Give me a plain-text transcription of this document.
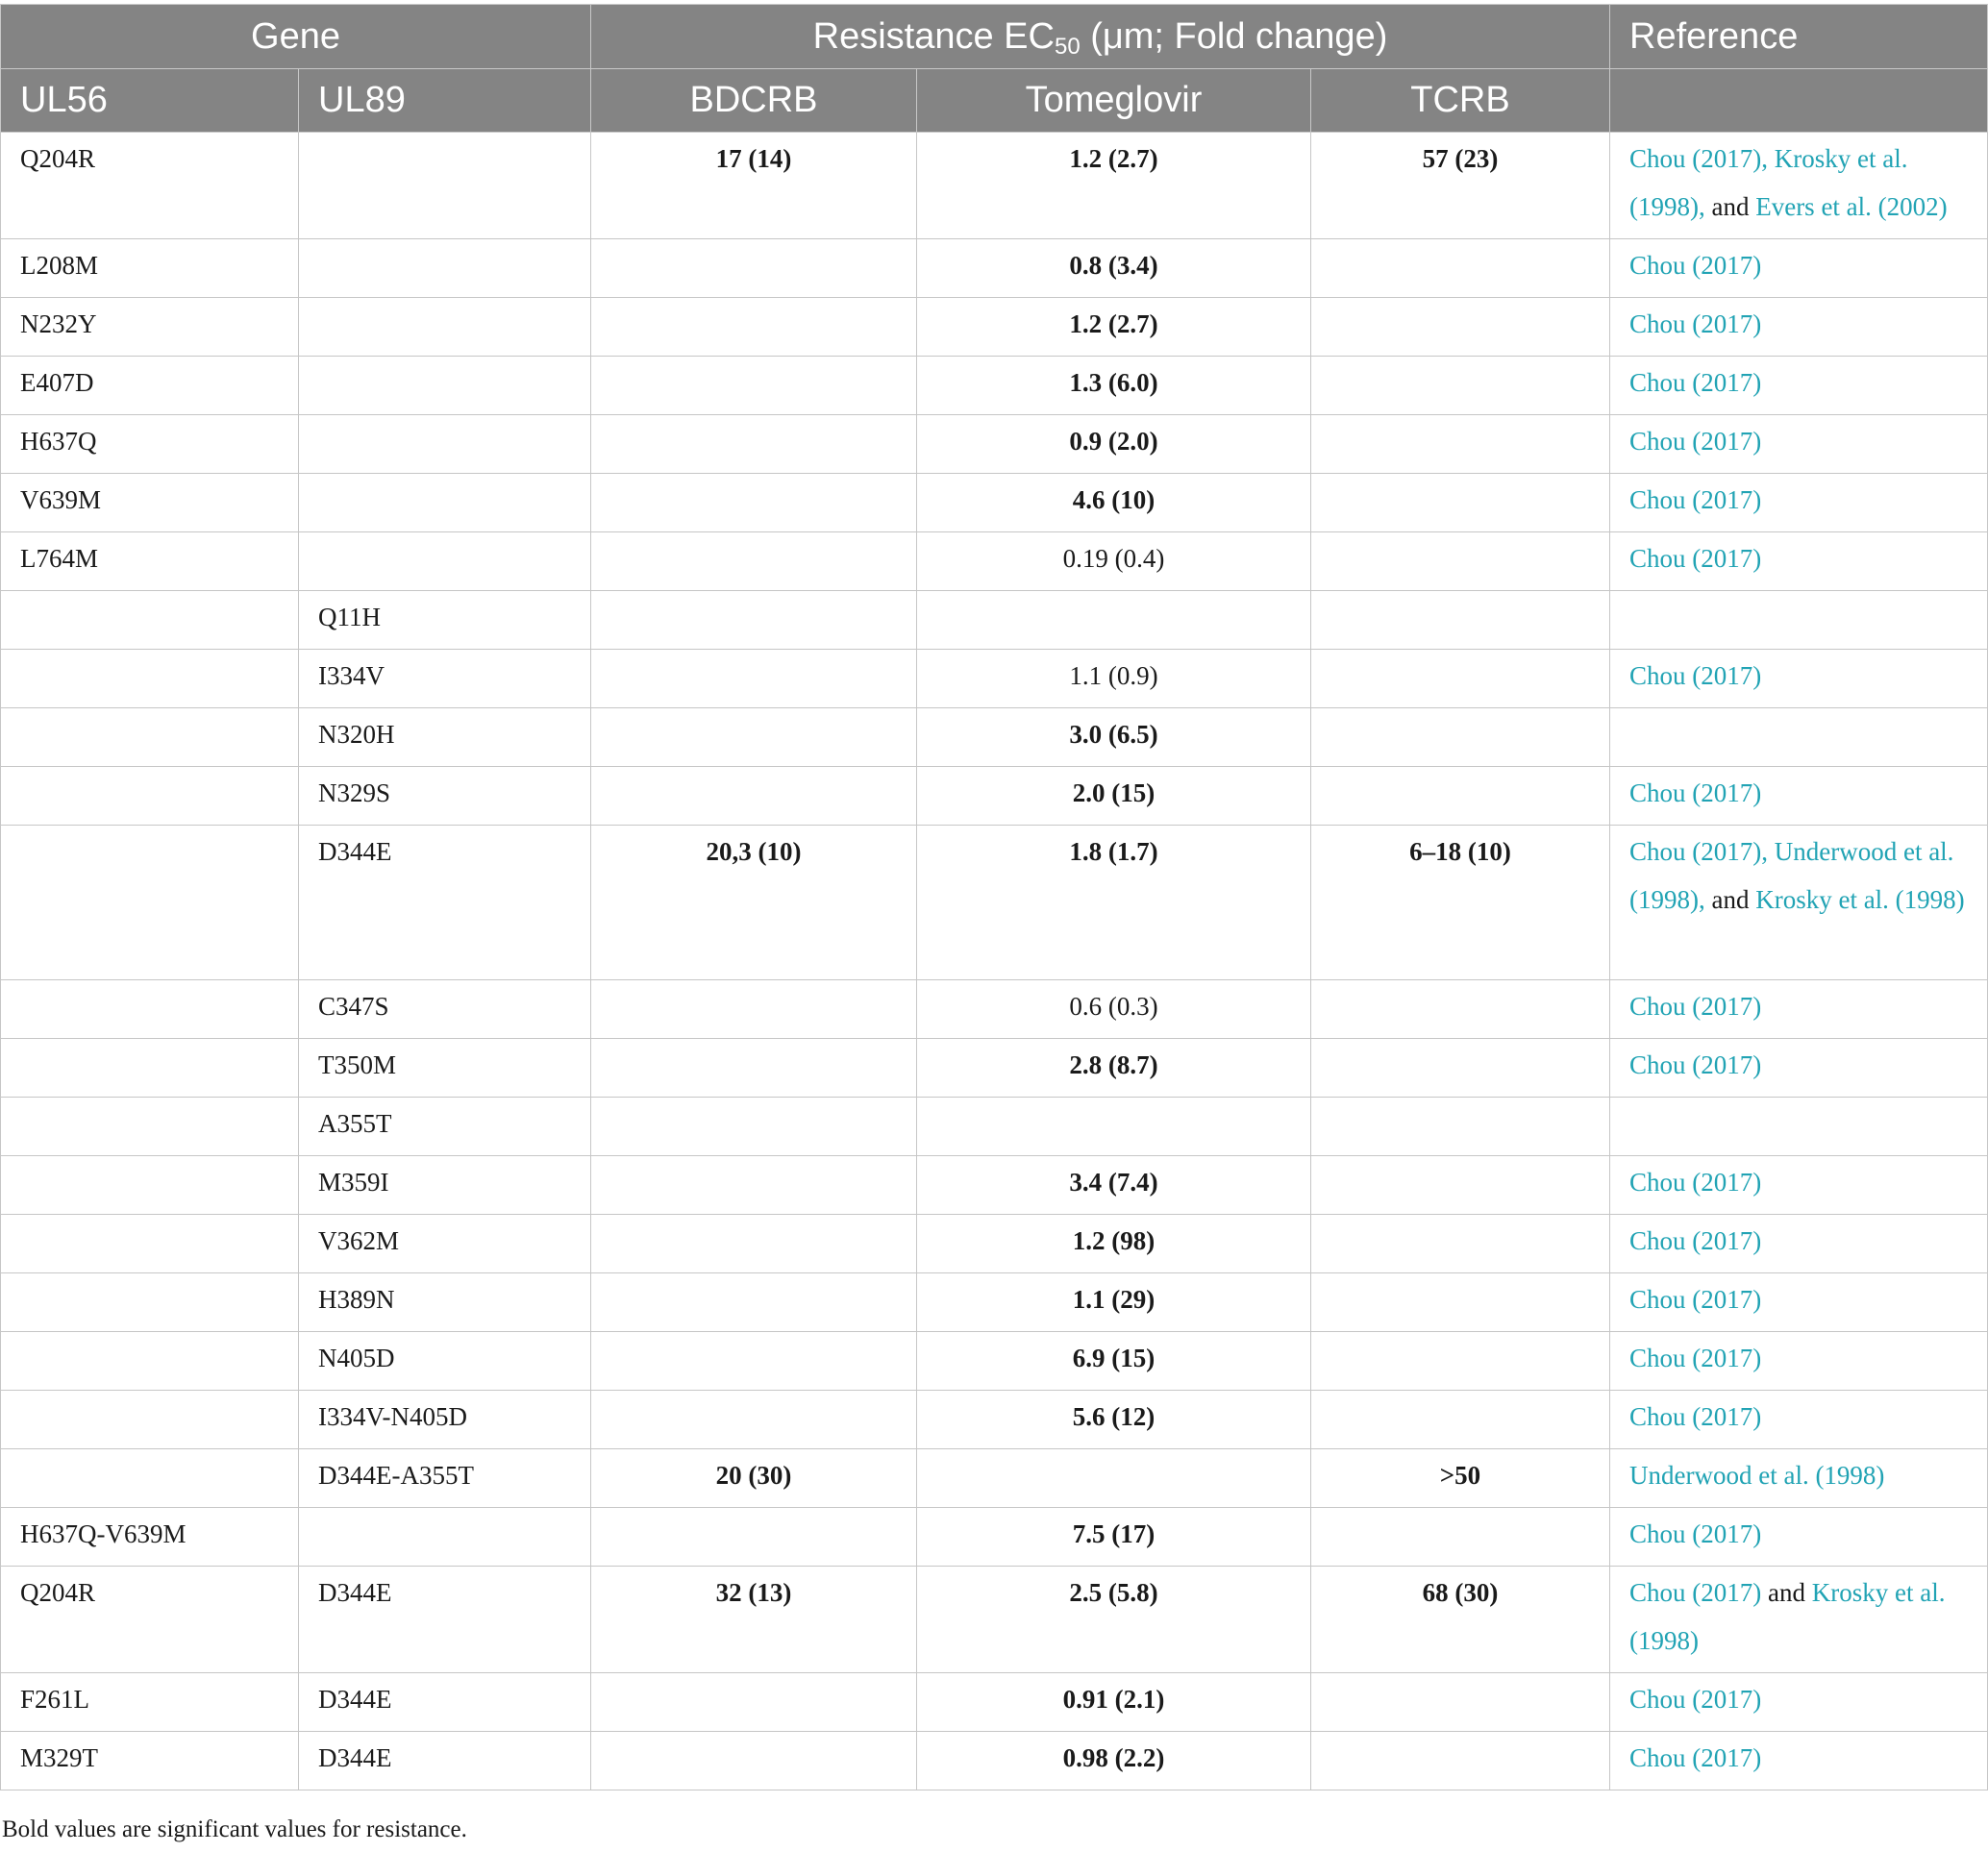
Gene		Resistance $EC_{50}$ (μm; Fold change)			Reference
UL56	UL89	BDCRB	Tomeglovir	TCRB	

Q204R		17 (14)	1.2 (2.7)	57 (23)	Chou (2017), Krosky et al. (1998), and Evers et al. (2002)

L208M			0.8 (3.4)		Chou (2017)

N232Y			1.2 (2.7)		Chou (2017)

E407D			1.3 (6.0)		Chou (2017)

H637Q			0.9 (2.0)		Chou (2017)

V639M			4.6 (10)		Chou (2017)

L764M			0.19 (0.4)		Chou (2017)

	Q11H				

	I334V		1.1 (0.9)		Chou (2017)

	N320H		3.0 (6.5)		

	N329S		2.0 (15)		Chou (2017)

	D344E	20,3 (10)	1.8 (1.7)	6–18 (10)	Chou (2017), Underwood et al. (1998), and Krosky et al. (1998)

	C347S		0.6 (0.3)		Chou (2017)

	T350M		2.8 (8.7)		Chou (2017)

	A355T				

	M359I		3.4 (7.4)		Chou (2017)

	V362M		1.2 (98)		Chou (2017)

	H389N		1.1 (29)		Chou (2017)

	N405D		6.9 (15)		Chou (2017)

	I334V-N405D		5.6 (12)		Chou (2017)

	D344E-A355T	20 (30)		>50	Underwood et al. (1998)

H637Q-V639M			7.5 (17)		Chou (2017)

Q204R	D344E	32 (13)	2.5 (5.8)	68 (30)	Chou (2017) and Krosky et al. (1998)

F261L	D344E		0.91 (2.1)		Chou (2017)

M329T	D344E		0.98 (2.2)		Chou (2017)
Bold values are significant values for resistance.
